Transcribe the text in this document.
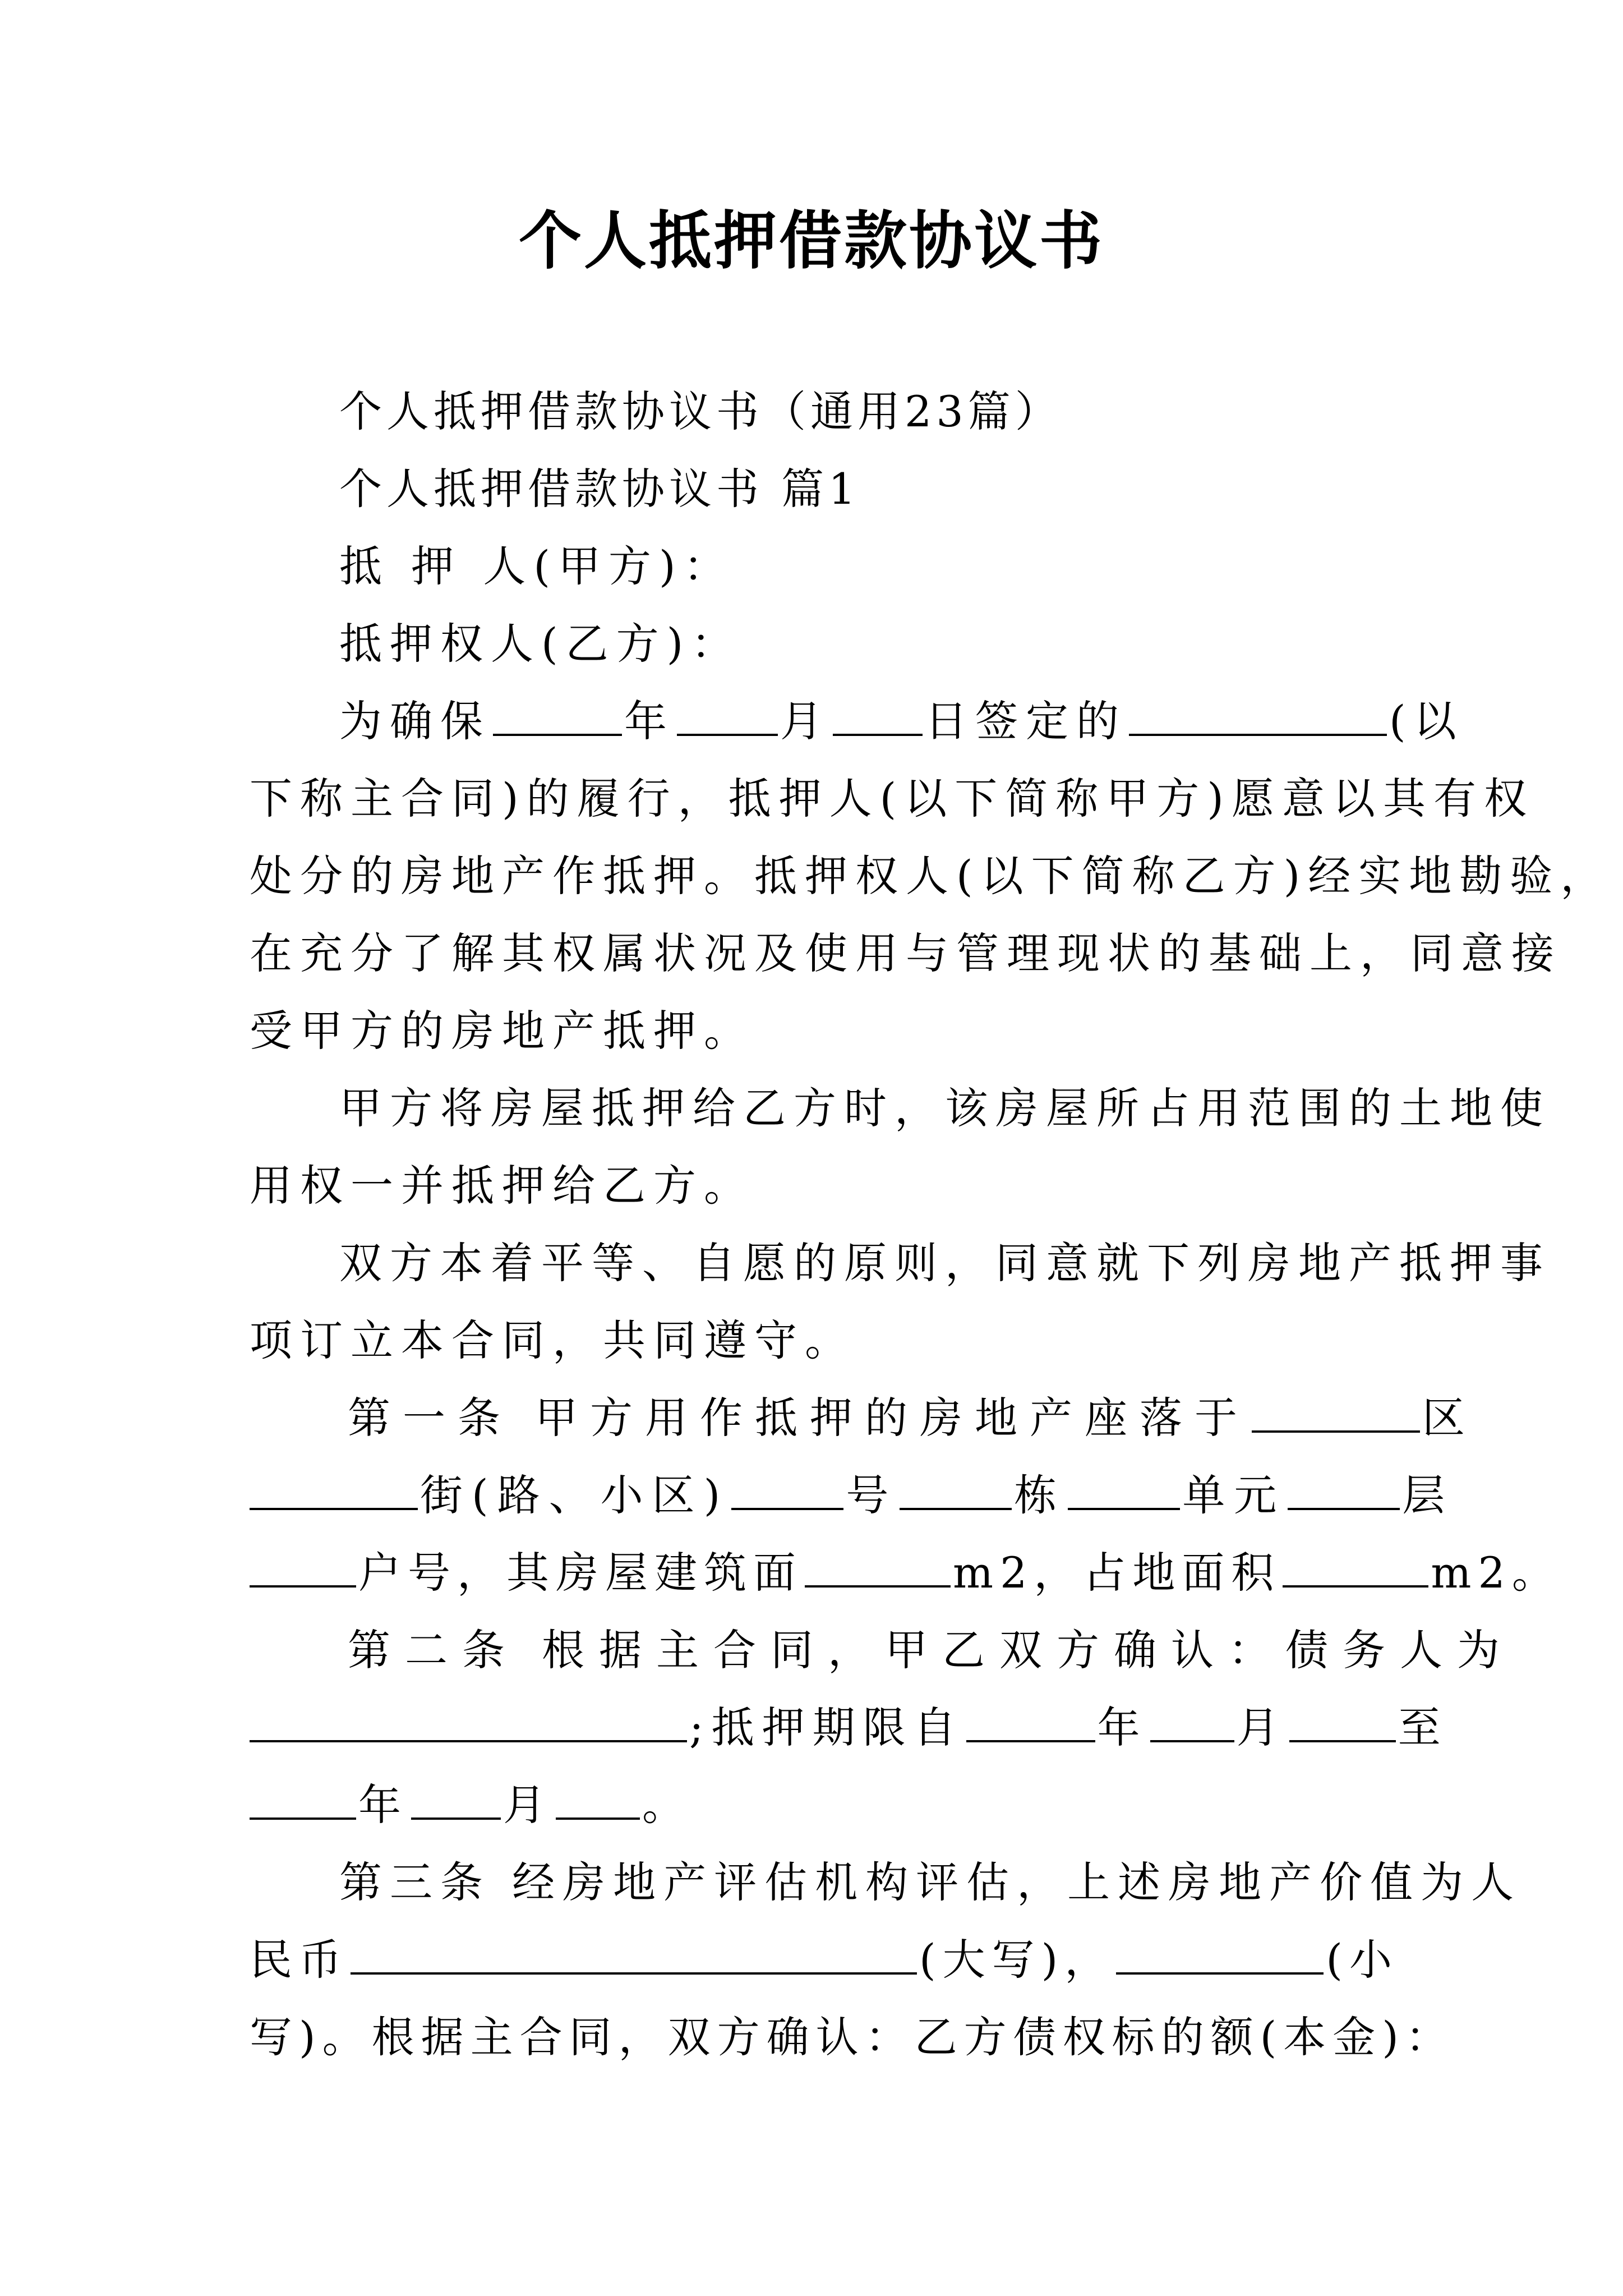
个人抵押借款协议书
个人抵押借款协议书（通用23篇）
个人抵押借款协议书 篇1
抵 押 人(甲方)：
抵押权人(乙方)：
为确保	年 月 日签定的	(以
下称主合同)的履行，抵押人(以下简称甲方)愿意以其有权
处分的房地产作抵押。抵押权人(以下简称乙方)经实地勘验，
在充分了解其权属状况及使用与管理现状的基础上，同意接
受甲方的房地产抵押。
甲方将房屋抵押给乙方时，该房屋所占用范围的土地使
用权一并抵押给乙方。
双方本着平等、自愿的原则，同意就下列房地产抵押事
项订立本合同，共同遵守。
第一条 甲方用作抵押的房地产座落于	区
街(路、小区)	号	栋	单元	层
户号，其房屋建筑面	m2，占地面积	m2。
第二条 根据主合同，甲乙双方确认：债务人为
;抵押期限自	年 月	至
年 月 。
第三条 经房地产评估机构评估，上述房地产价值为人
民币	(大写)，	(小
写)。根据主合同，双方确认：乙方债权标的额(本金)：
